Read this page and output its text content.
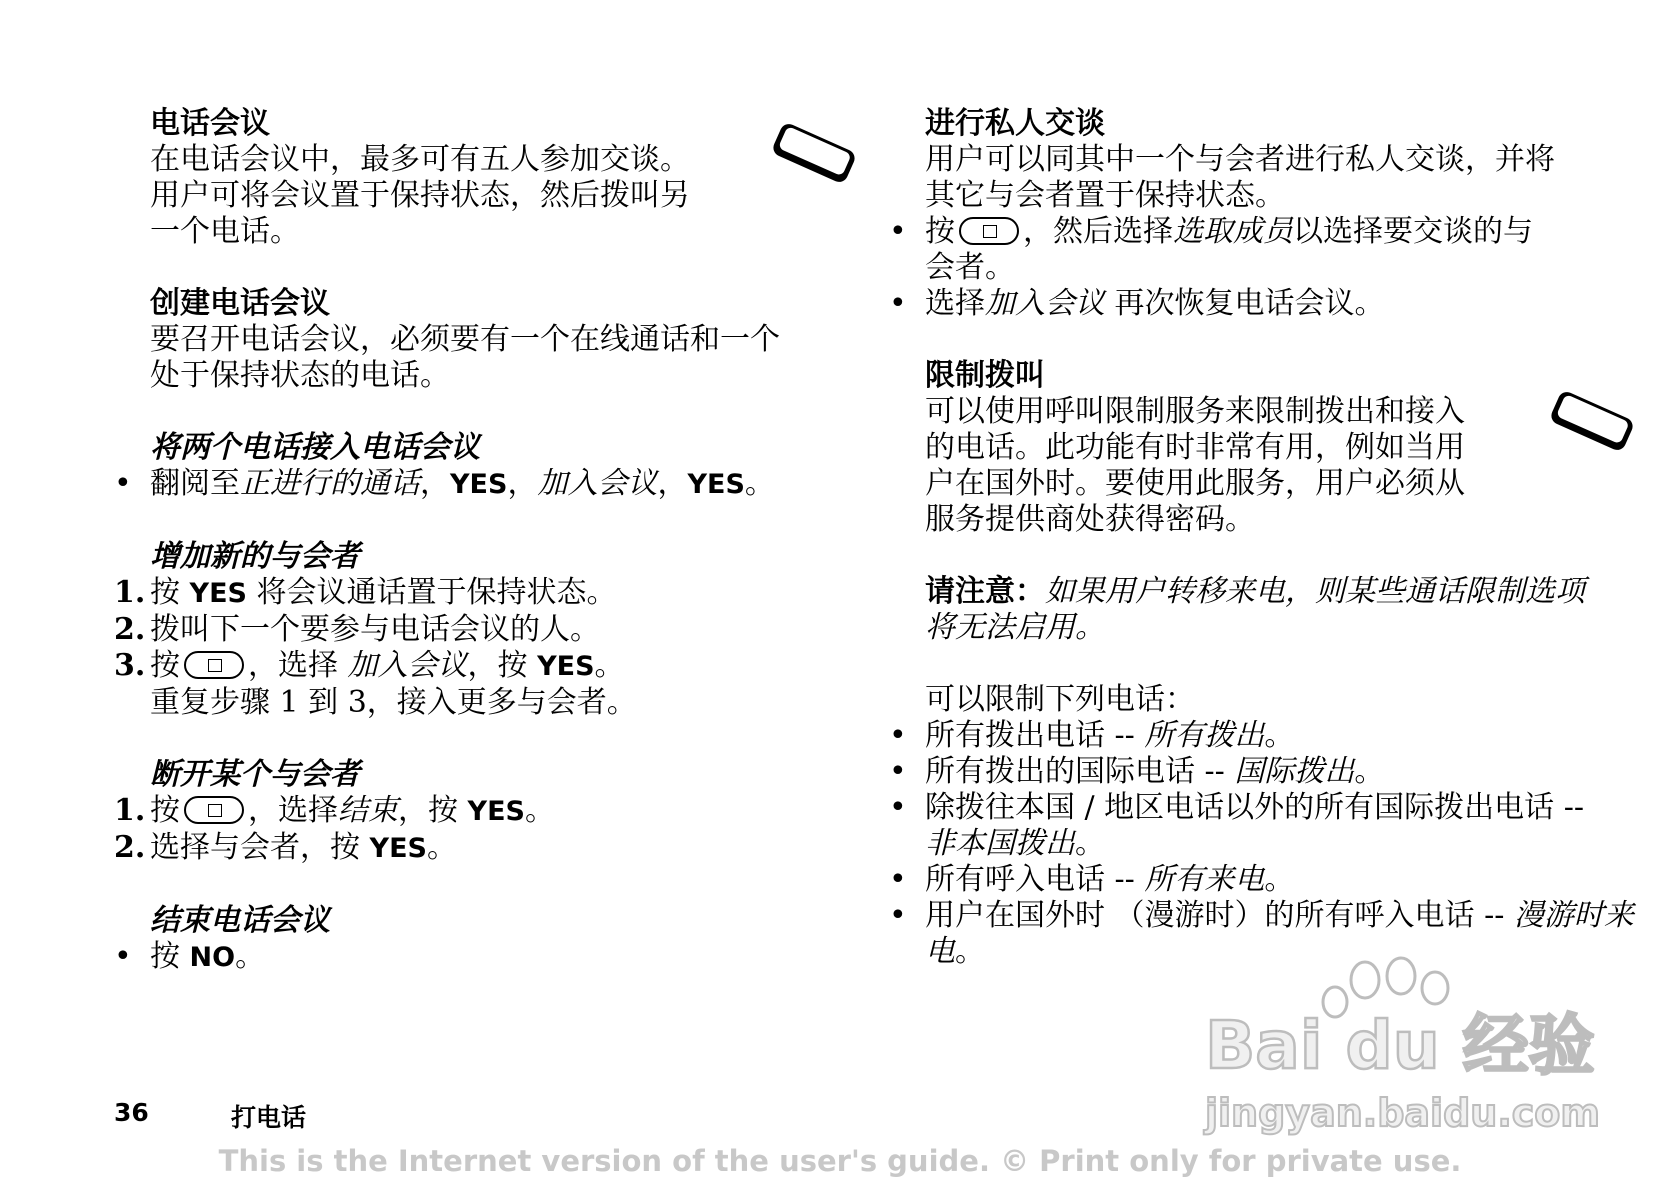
电话会议
在电话会议中，最多可有五人参加交谈。
用户可将会议置于保持状态，然后拨叫另
一个电话。
创建电话会议
要召开电话会议，必须要有一个在线通话和一个
处于保持状态的电话。
将两个电话接入电话会议
• 翻阅至正进行的通话，YES，加入会议，YES。
增加新的与会者
1. 按 YES 将会议通话置于保持状态。
2. 拨叫下一个要参与电话会议的人。
3. 按 ，选择 加入会议，按 YES。
重复步骤 1 到 3，接入更多与会者。
断开某个与会者
1. 按 ，选择结束，按 YES。
2. 选择与会者，按 YES。
结束电话会议
• 按 NO。
进行私人交谈
用户可以同其中一个与会者进行私人交谈，并将
其它与会者置于保持状态。
• 按 ，然后选择选取成员以选择要交谈的与
会者。
• 选择加入会议 再次恢复电话会议。
限制拨叫
可以使用呼叫限制服务来限制拨出和接入
的电话。此功能有时非常有用，例如当用
户在国外时。要使用此服务，用户必须从
服务提供商处获得密码。
请注意：如果用户转移来电，则某些通话限制选项
将无法启用。
可以限制下列电话：
• 所有拨出电话 -- 所有拨出。
• 所有拨出的国际电话 -- 国际拨出。
• 除拨往本国 / 地区电话以外的所有国际拨出电话 --
非本国拨出。
• 所有呼入电话 -- 所有来电。
• 用户在国外时 （漫游时）的所有呼入电话 -- 漫游时来电。
Bai du 经验
jingyan.baidu.com
36	打电话
This is the Internet version of the user's guide. © Print only for private use.
